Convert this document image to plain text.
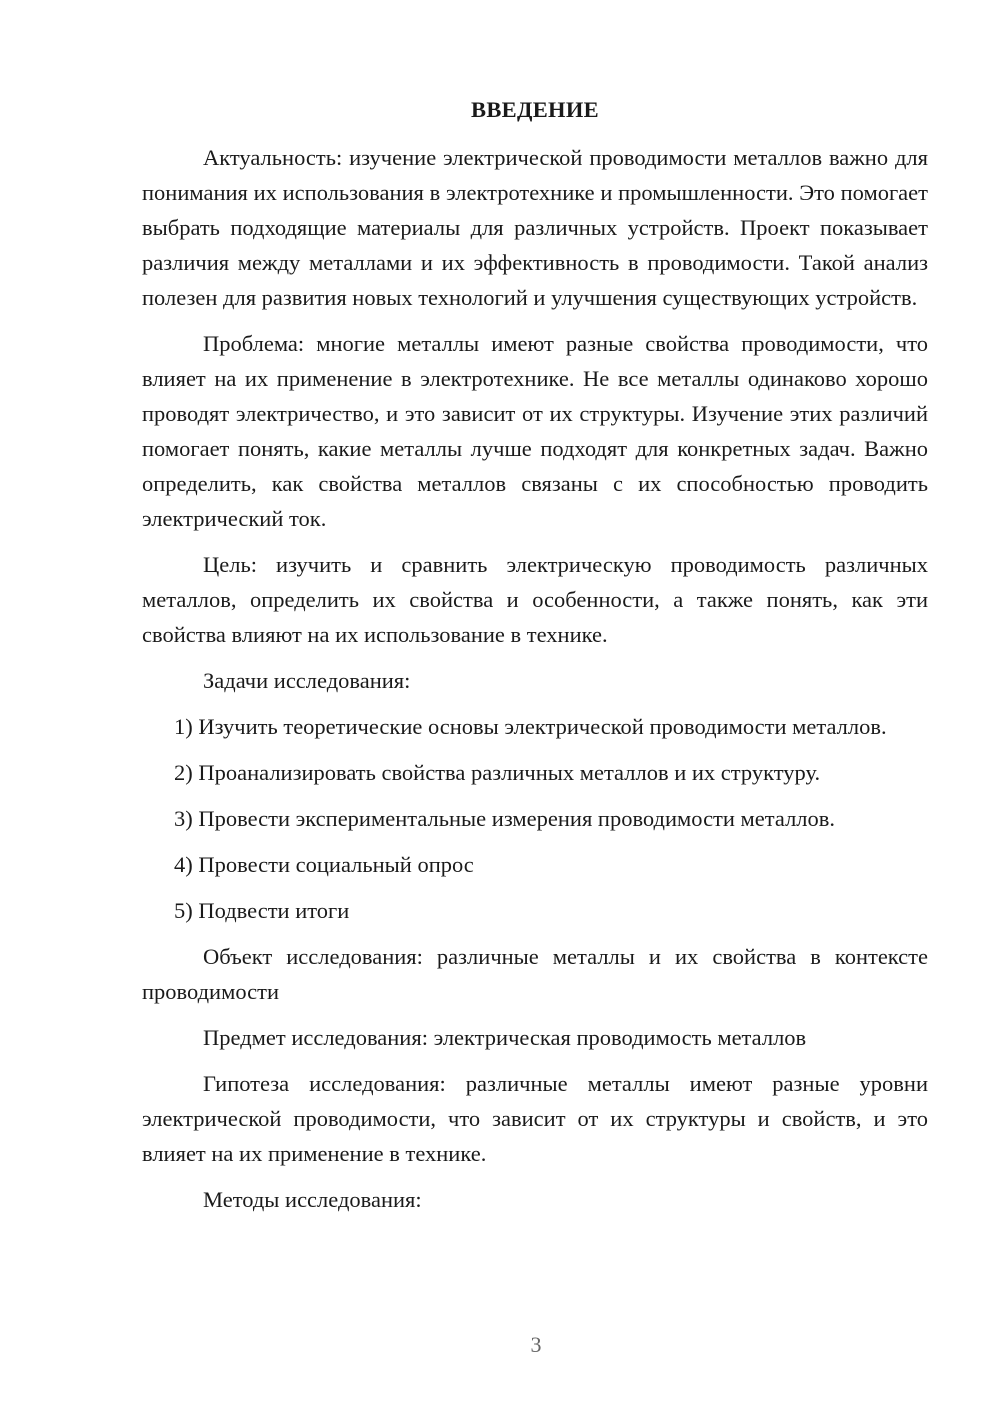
ВВЕДЕНИЕ

Актуальность: изучение электрической проводимости металлов важно для понимания их использования в электротехнике и промышленности. Это помогает выбрать подходящие материалы для различных устройств. Проект показывает различия между металлами и их эффективность в проводимости. Такой анализ полезен для развития новых технологий и улучшения существующих устройств.

Проблема: многие металлы имеют разные свойства проводимости, что влияет на их применение в электротехнике. Не все металлы одинаково хорошо проводят электричество, и это зависит от их структуры. Изучение этих различий помогает понять, какие металлы лучше подходят для конкретных задач. Важно определить, как свойства металлов связаны с их способностью проводить электрический ток.

Цель: изучить и сравнить электрическую проводимость различных металлов, определить их свойства и особенности, а также понять, как эти свойства влияют на их использование в технике.

Задачи исследования:

1) Изучить теоретические основы электрической проводимости металлов.

2) Проанализировать свойства различных металлов и их структуру.

3) Провести экспериментальные измерения проводимости металлов.

4) Провести социальный опрос

5) Подвести итоги

Объект исследования: различные металлы и их свойства в контексте проводимости

Предмет исследования: электрическая проводимость металлов

Гипотеза исследования: различные металлы имеют разные уровни электрической проводимости, что зависит от их структуры и свойств, и это влияет на их применение в технике.

Методы исследования:

3
